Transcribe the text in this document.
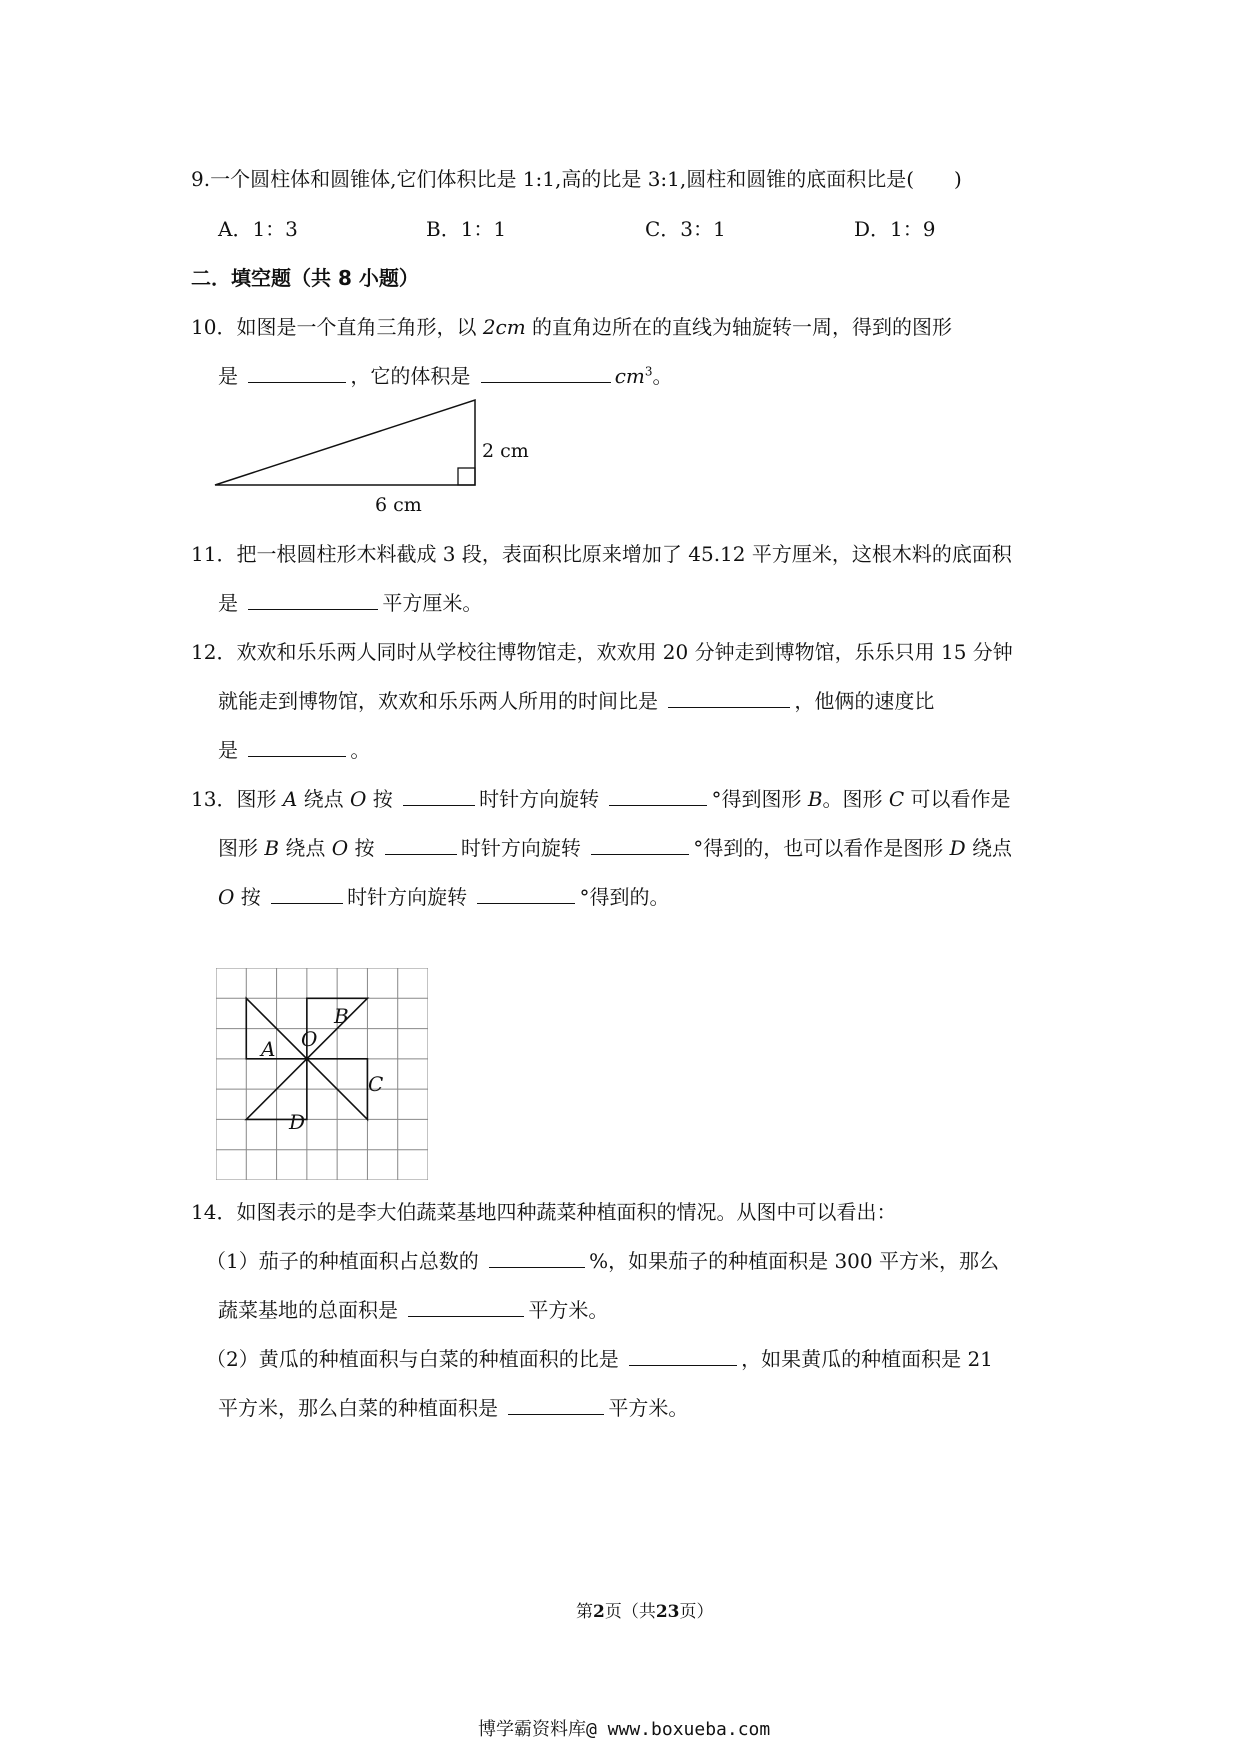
9.一个圆柱体和圆锥体,它们体积比是 1:1,高的比是 3:1,圆柱和圆锥的底面积比是(　　)
A．1：3	B．1：1	C．3：1	D．1：9
二．填空题（共 8 小题）
10．如图是一个直角三角形，以 2cm 的直角边所在的直线为轴旋转一周，得到的图形
是	，它的体积是	$cm^3$。
2 cm
6 cm
11．把一根圆柱形木料截成 3 段，表面积比原来增加了 45.12 平方厘米，这根木料的底面积
是	平方厘米。
12．欢欢和乐乐两人同时从学校往博物馆走，欢欢用 20 分钟走到博物馆，乐乐只用 15 分钟
就能走到博物馆，欢欢和乐乐两人所用的时间比是	，他俩的速度比
是	。
13．图形 A 绕点 O 按	时针方向旋转	°得到图形 B。图形 C 可以看作是
图形 B 绕点 O 按	时针方向旋转	°得到的，也可以看作是图形 D 绕点
O 按	时针方向旋转	°得到的。
A O
B
C
D
14．如图表示的是李大伯蔬菜基地四种蔬菜种植面积的情况。从图中可以看出：
（1）茄子的种植面积占总数的	%，如果茄子的种植面积是 300 平方米，那么
蔬菜基地的总面积是	平方米。
（2）黄瓜的种植面积与白菜的种植面积的比是	，如果黄瓜的种植面积是 21
平方米，那么白菜的种植面积是	平方米。
第2页（共23页）
博学霸资料库@ www.boxueba.com
